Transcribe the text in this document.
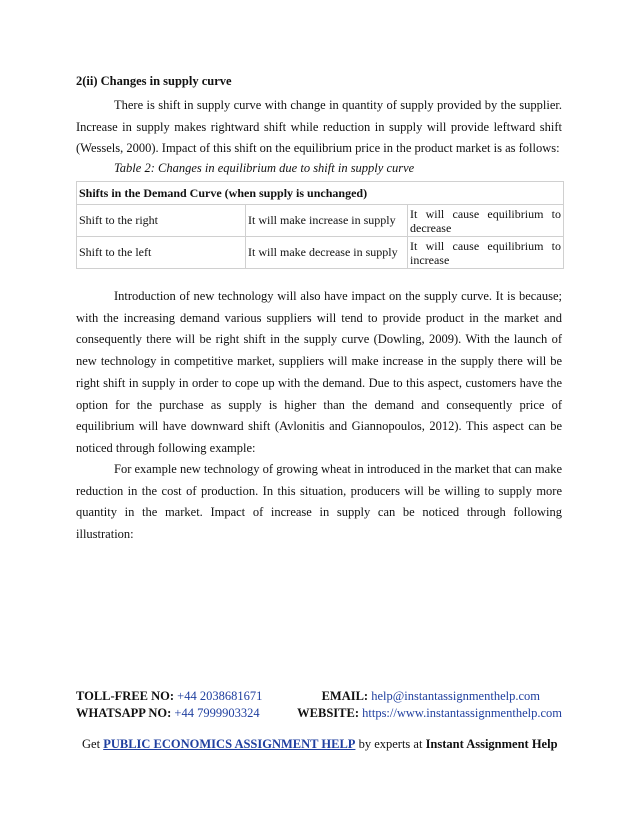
2(ii) Changes in supply curve
There is shift in supply curve with change in quantity of supply provided by the supplier. Increase in supply makes rightward shift while reduction in supply will provide leftward shift (Wessels, 2000). Impact of this shift on the equilibrium price in the product market is as follows:
Table 2: Changes in equilibrium due to shift in supply curve
Shifts in the Demand Curve (when supply is unchanged)		
Shift to the right	It will make increase in supply	It will cause equilibrium to decrease
Shift to the left	It will make decrease in supply	It will cause equilibrium to increase
Introduction of new technology will also have impact on the supply curve. It is because; with the increasing demand various suppliers will tend to provide product in the market and consequently there will be right shift in the supply curve (Dowling, 2009). With the launch of new technology in competitive market, suppliers will make increase in the supply there will be right shift in supply in order to cope up with the demand. Due to this aspect, customers have the option for the purchase as supply is higher than the demand and consequently price of equilibrium will have downward shift (Avlonitis and Giannopoulos, 2012). This aspect can be noticed through following example:
For example new technology of growing wheat in introduced in the market that can make reduction in the cost of production. In this situation, producers will be willing to supply more quantity in the market. Impact of increase in supply can be noticed through following illustration:
TOLL-FREE NO: +44 2038681671	EMAIL: help@instantassignmenthelp.com
WHATSAPP NO: +44 7999903324	WEBSITE: https://www.instantassignmenthelp.com
Get PUBLIC ECONOMICS ASSIGNMENT HELP by experts at Instant Assignment Help
